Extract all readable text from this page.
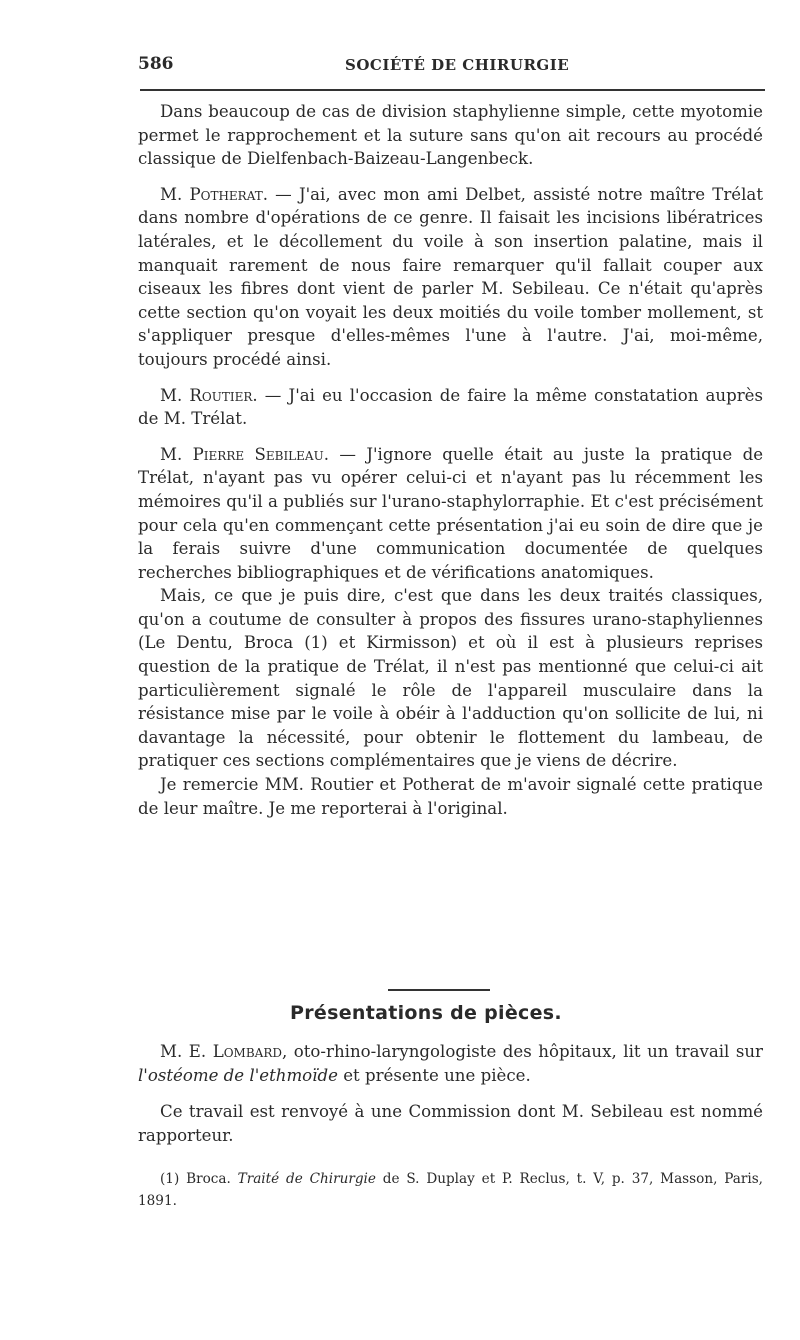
586	SOCIÉTÉ DE CHIRURGIE

Dans beaucoup de cas de division staphylienne simple, cette myotomie permet le rapprochement et la suture sans qu'on ait recours au procédé classique de Dielfenbach-Baizeau-Langenbeck.

M. Potherat. — J'ai, avec mon ami Delbet, assisté notre maître Trélat dans nombre d'opérations de ce genre. Il faisait les incisions libératrices latérales, et le décollement du voile à son insertion palatine, mais il manquait rarement de nous faire remarquer qu'il fallait couper aux ciseaux les fibres dont vient de parler M. Sebileau. Ce n'était qu'après cette section qu'on voyait les deux moitiés du voile tomber mollement, st s'appliquer presque d'elles-mêmes l'une à l'autre. J'ai, moi-même, toujours procédé ainsi.

M. Routier. — J'ai eu l'occasion de faire la même constatation auprès de M. Trélat.

M. Pierre Sebileau. — J'ignore quelle était au juste la pratique de Trélat, n'ayant pas vu opérer celui-ci et n'ayant pas lu récemment les mémoires qu'il a publiés sur l'urano-staphylorraphie. Et c'est précisément pour cela qu'en commençant cette présentation j'ai eu soin de dire que je la ferais suivre d'une communication documentée de quelques recherches bibliographiques et de vérifications anatomiques.

Mais, ce que je puis dire, c'est que dans les deux traités classiques, qu'on a coutume de consulter à propos des fissures urano-staphyliennes (Le Dentu, Broca (1) et Kirmisson) et où il est à plusieurs reprises question de la pratique de Trélat, il n'est pas mentionné que celui-ci ait particulièrement signalé le rôle de l'appareil musculaire dans la résistance mise par le voile à obéir à l'adduction qu'on sollicite de lui, ni davantage la nécessité, pour obtenir le flottement du lambeau, de pratiquer ces sections complémentaires que je viens de décrire.

Je remercie MM. Routier et Potherat de m'avoir signalé cette pratique de leur maître. Je me reporterai à l'original.

Présentations de pièces.

M. E. Lombard, oto-rhino-laryngologiste des hôpitaux, lit un travail sur l'ostéome de l'ethmoïde et présente une pièce.

Ce travail est renvoyé à une Commission dont M. Sebileau est nommé rapporteur.

(1) Broca. Traité de Chirurgie de S. Duplay et P. Reclus, t. V, p. 37, Masson, Paris, 1891.
